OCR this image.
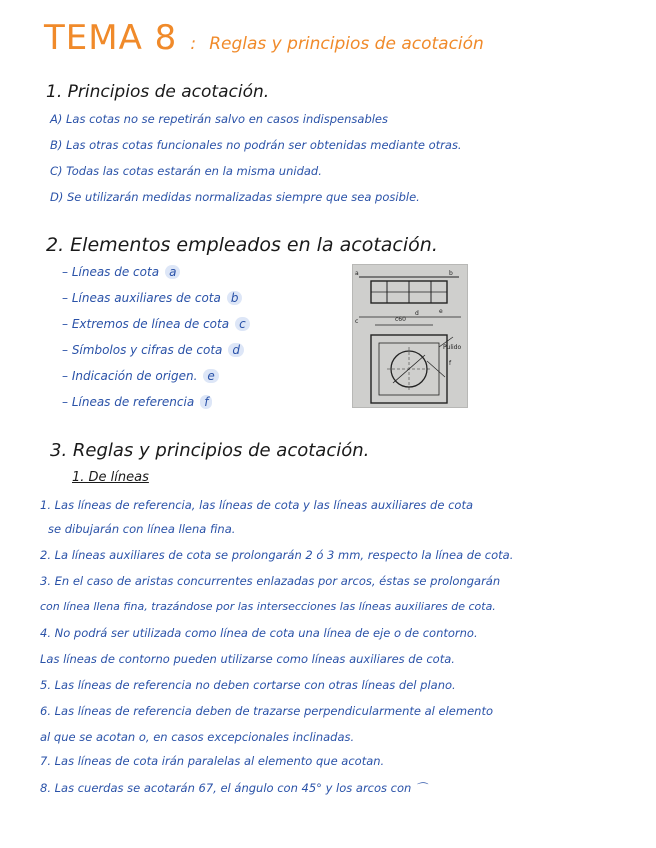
TEMA 8 : Reglas y principios de acotación
1. Principios de acotación.
A) Las cotas no se repetirán salvo en casos indispensables
B) Las otras cotas funcionales no podrán ser obtenidas mediante otras.
C) Todas las cotas estarán en la misma unidad.
D) Se utilizarán medidas normalizadas siempre que sea posible.
2. Elementos empleados en la acotación.
– Líneas de cota a
– Líneas auxiliares de cota b
– Extremos de línea de cota c
– Símbolos y cifras de cota d
– Indicación de origen. e
– Líneas de referencia f
a
c	c60
d	e
b
Pulido
f
3. Reglas y principios de acotación.
1. De líneas
1. Las líneas de referencia, las líneas de cota y las líneas auxiliares de cota
se dibujarán con línea llena fina.
2. La líneas auxiliares de cota se prolongarán 2 ó 3 mm, respecto la línea de cota.
3. En el caso de aristas concurrentes enlazadas por arcos, éstas se prolongarán
con línea llena fina, trazándose por las intersecciones las líneas auxiliares de cota.
4. No podrá ser utilizada como línea de cota una línea de eje o de contorno.
Las líneas de contorno pueden utilizarse como líneas auxiliares de cota.
5. Las líneas de referencia no deben cortarse con otras líneas del plano.
6. Las líneas de referencia deben de trazarse perpendicularmente al elemento
al que se acotan o, en casos excepcionales inclinadas.
7. Las líneas de cota irán paralelas al elemento que acotan.
8. Las cuerdas se acotarán 67, el ángulo con 45° y los arcos con ⌒
